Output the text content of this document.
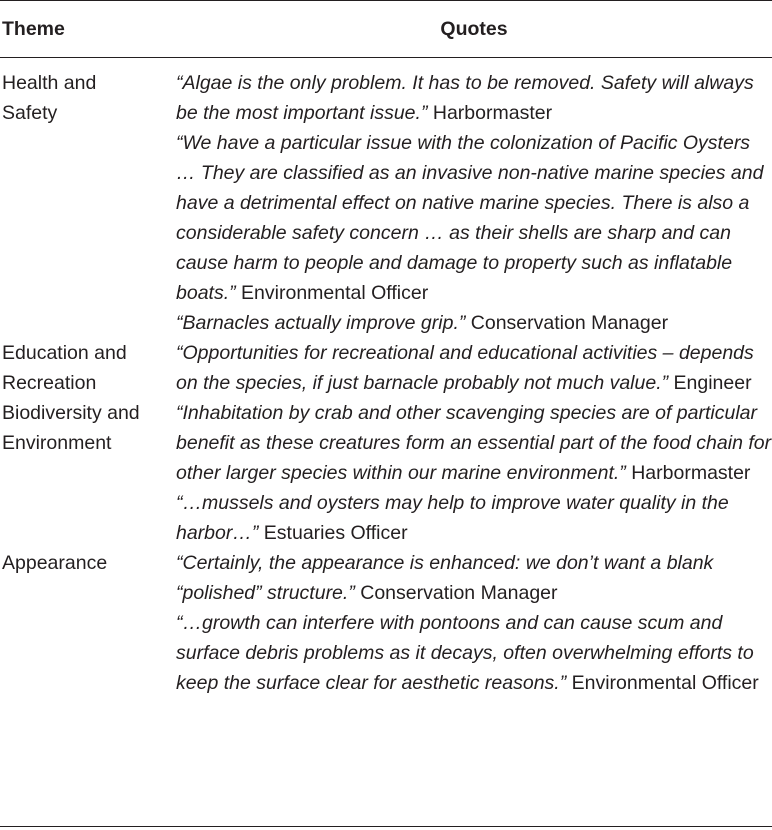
Theme	Quotes
Health and
Safety

“Algae is the only problem. It has to be removed. Safety will always be the most important issue.” Harbormaster

“We have a particular issue with the colonization of Pacific Oysters … They are classified as an invasive non-native marine species and have a detrimental effect on native marine species. There is also a considerable safety concern … as their shells are sharp and can cause harm to people and damage to property such as inflatable boats.” Environmental Officer

“Barnacles actually improve grip.” Conservation Manager

Education and
Recreation

“Opportunities for recreational and educational activities – depends on the species, if just barnacle probably not much value.” Engineer

Biodiversity and
Environment

“Inhabitation by crab and other scavenging species are of particular benefit as these creatures form an essential part of the food chain for other larger species within our marine environment.” Harbormaster

“…mussels and oysters may help to improve water quality in the harbor…” Estuaries Officer

Appearance	“Certainly, the appearance is enhanced: we don’t want a blank “polished” structure.” Conservation Manager

“…growth can interfere with pontoons and can cause scum and surface debris problems as it decays, often overwhelming efforts to keep the surface clear for aesthetic reasons.” Environmental Officer
